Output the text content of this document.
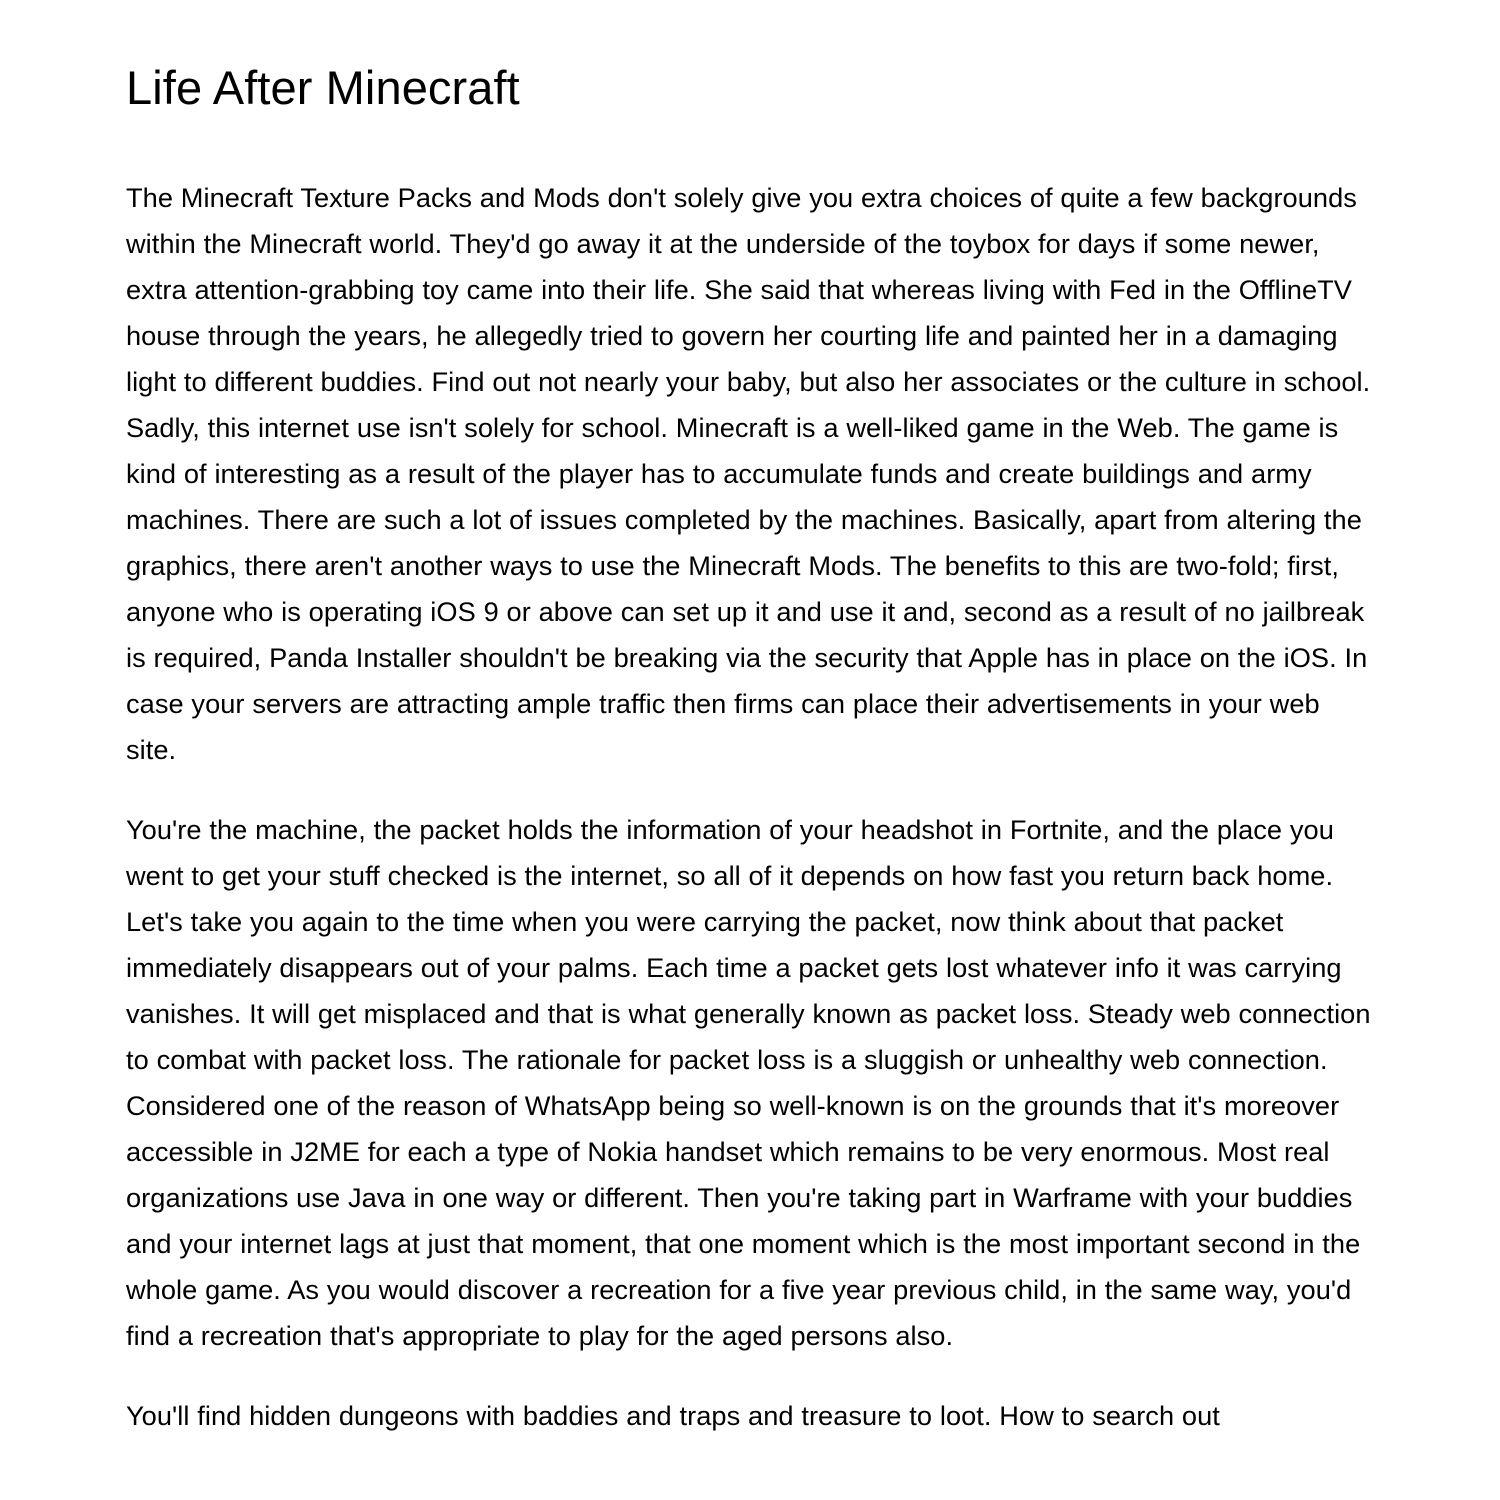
Life After Minecraft

The Minecraft Texture Packs and Mods don't solely give you extra choices of quite a few backgrounds within the Minecraft world. They'd go away it at the underside of the toybox for days if some newer, extra attention-grabbing toy came into their life. She said that whereas living with Fed in the OfflineTV house through the years, he allegedly tried to govern her courting life and painted her in a damaging light to different buddies. Find out not nearly your baby, but also her associates or the culture in school. Sadly, this internet use isn't solely for school. Minecraft is a well-liked game in the Web. The game is kind of interesting as a result of the player has to accumulate funds and create buildings and army machines. There are such a lot of issues completed by the machines. Basically, apart from altering the graphics, there aren't another ways to use the Minecraft Mods. The benefits to this are two-fold; first, anyone who is operating iOS 9 or above can set up it and use it and, second as a result of no jailbreak is required, Panda Installer shouldn't be breaking via the security that Apple has in place on the iOS. In case your servers are attracting ample traffic then firms can place their advertisements in your web site.

You're the machine, the packet holds the information of your headshot in Fortnite, and the place you went to get your stuff checked is the internet, so all of it depends on how fast you return back home. Let's take you again to the time when you were carrying the packet, now think about that packet immediately disappears out of your palms. Each time a packet gets lost whatever info it was carrying vanishes. It will get misplaced and that is what generally known as packet loss. Steady web connection to combat with packet loss. The rationale for packet loss is a sluggish or unhealthy web connection. Considered one of the reason of WhatsApp being so well-known is on the grounds that it's moreover accessible in J2ME for each a type of Nokia handset which remains to be very enormous. Most real organizations use Java in one way or different. Then you're taking part in Warframe with your buddies and your internet lags at just that moment, that one moment which is the most important second in the whole game. As you would discover a recreation for a five year previous child, in the same way, you'd find a recreation that's appropriate to play for the aged persons also.

You'll find hidden dungeons with baddies and traps and treasure to loot. How to search out
